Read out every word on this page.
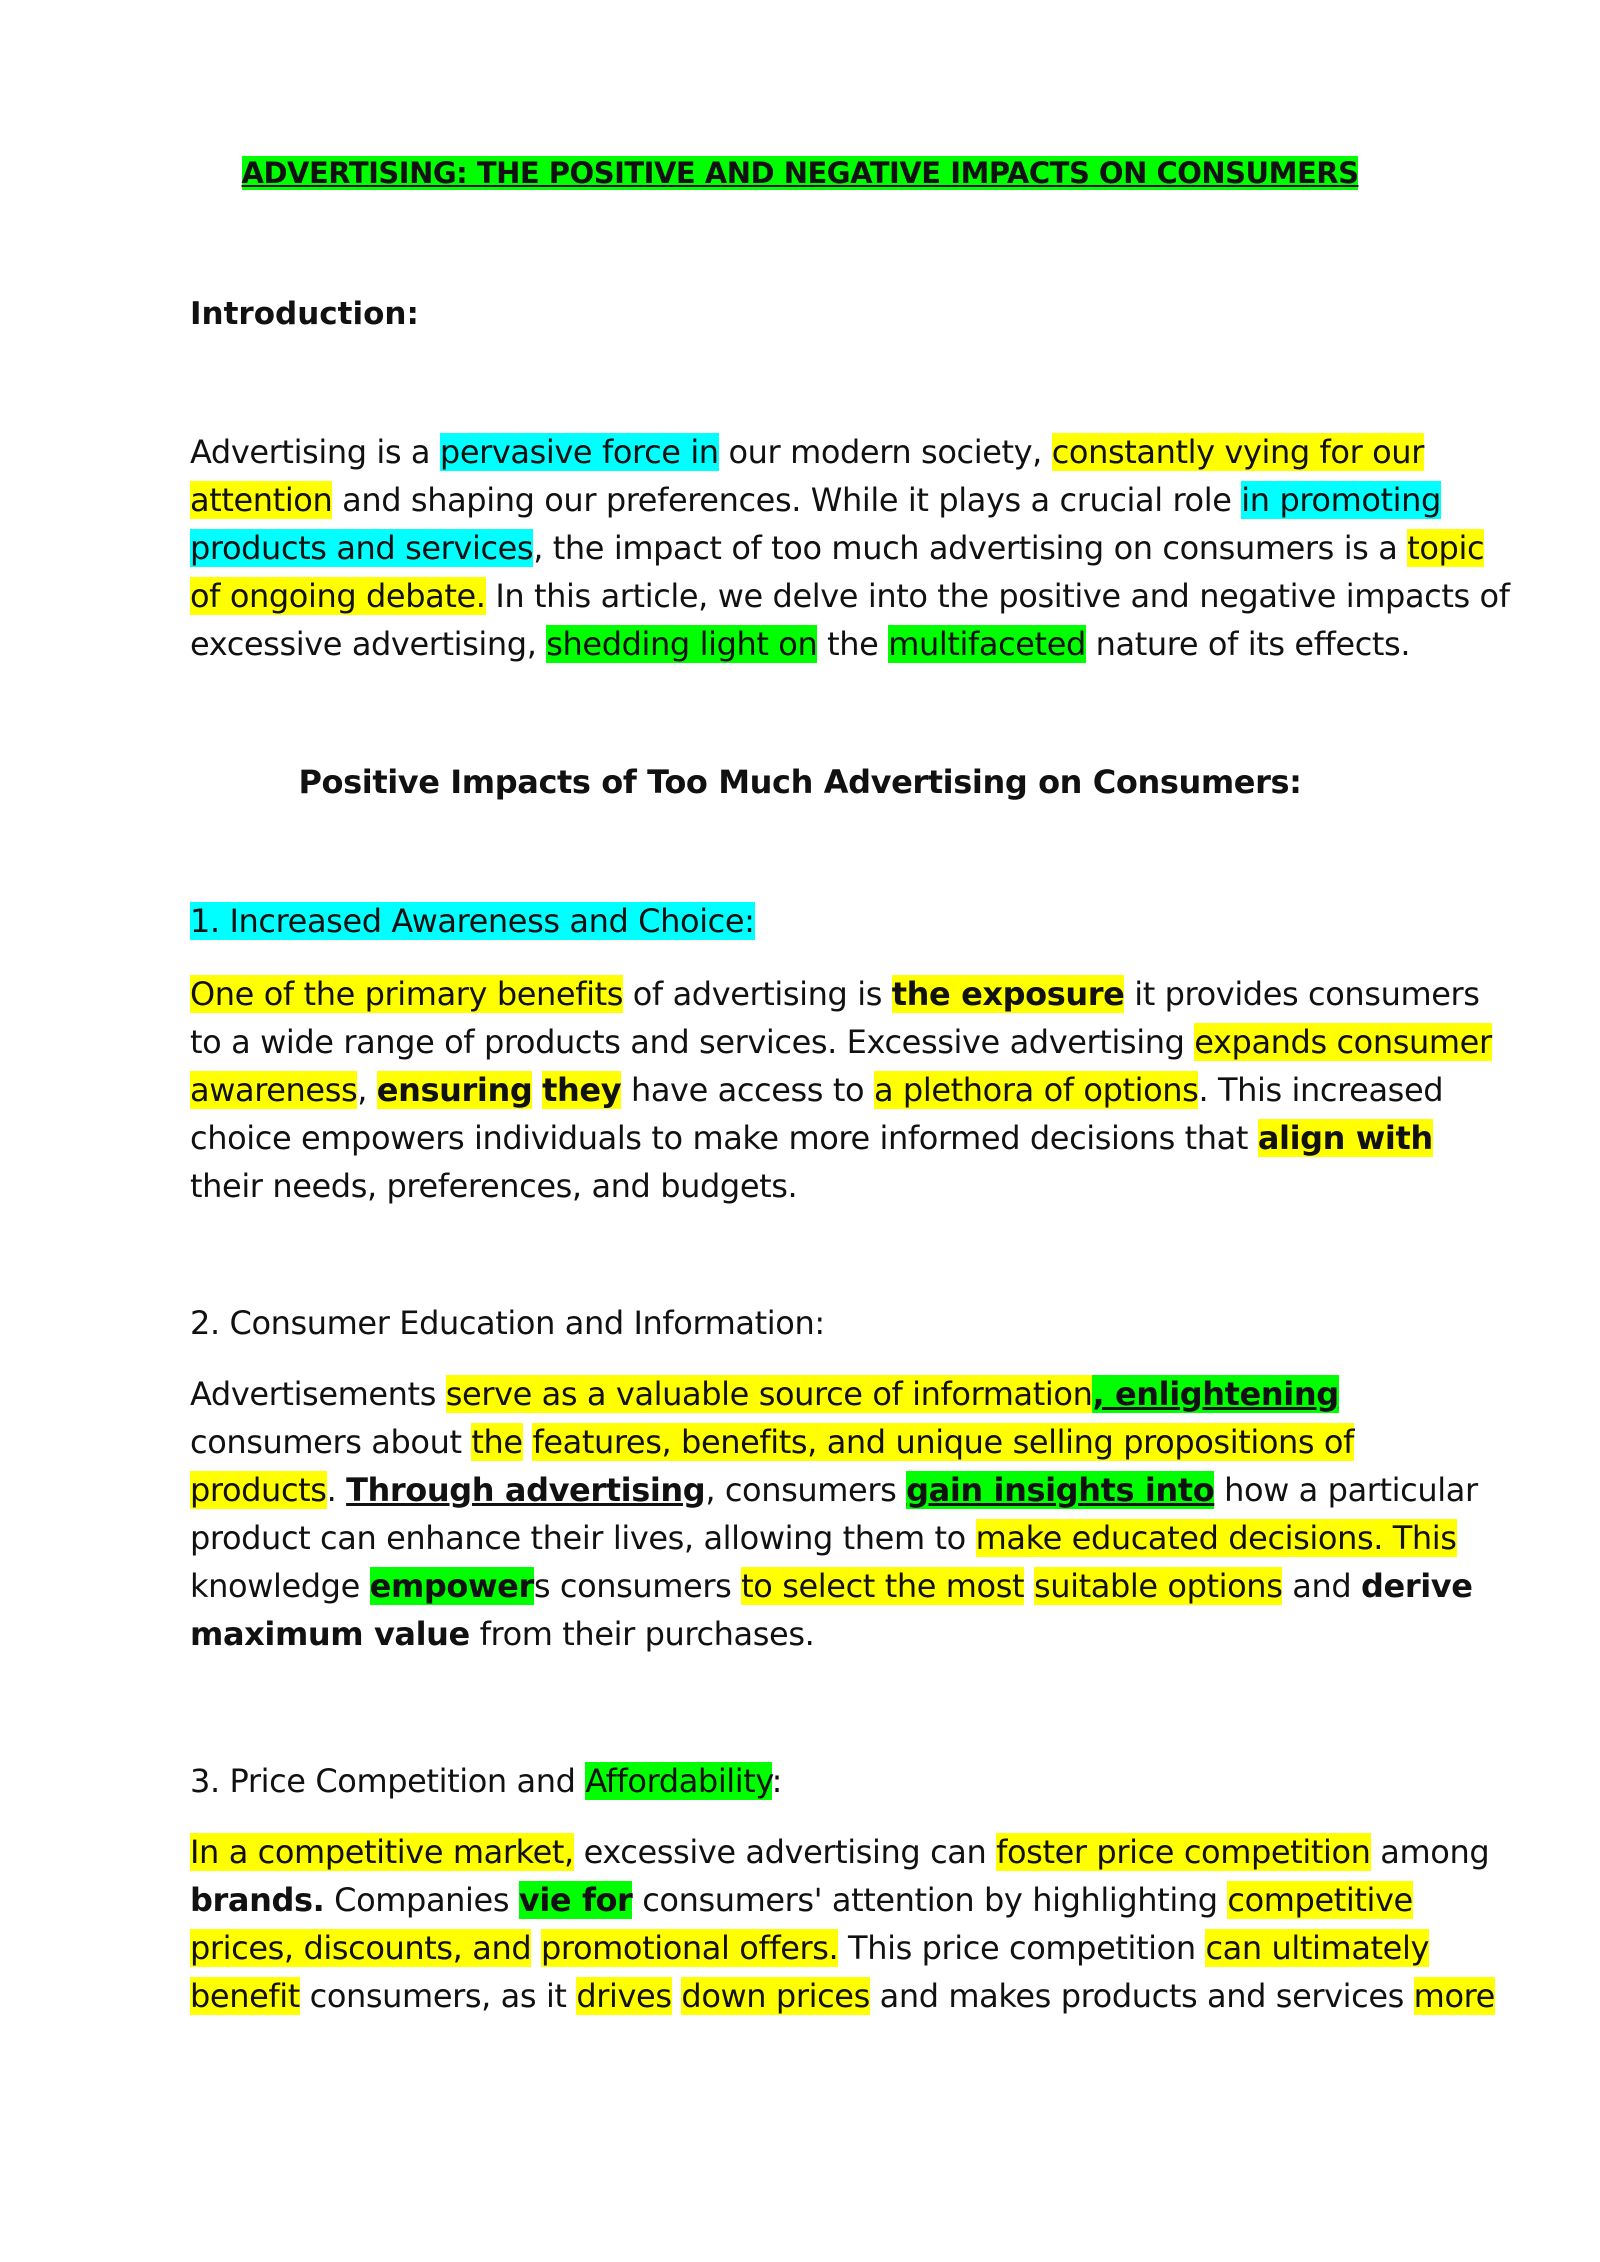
ADVERTISING: THE POSITIVE AND NEGATIVE IMPACTS ON CONSUMERS

Introduction:

Advertising is a pervasive force in our modern society, constantly vying for our attention and shaping our preferences. While it plays a crucial role in promoting products and services, the impact of too much advertising on consumers is a topic of ongoing debate. In this article, we delve into the positive and negative impacts of excessive advertising, shedding light on the multifaceted nature of its effects.

Positive Impacts of Too Much Advertising on Consumers:

1. Increased Awareness and Choice:

One of the primary benefits of advertising is the exposure it provides consumers to a wide range of products and services. Excessive advertising expands consumer awareness, ensuring they have access to a plethora of options. This increased choice empowers individuals to make more informed decisions that align with their needs, preferences, and budgets.

2. Consumer Education and Information:

Advertisements serve as a valuable source of information, enlightening consumers about the features, benefits, and unique selling propositions of products. Through advertising, consumers gain insights into how a particular product can enhance their lives, allowing them to make educated decisions. This knowledge empowers consumers to select the most suitable options and derive maximum value from their purchases.

3. Price Competition and Affordability:

In a competitive market, excessive advertising can foster price competition among brands. Companies vie for consumers' attention by highlighting competitive prices, discounts, and promotional offers. This price competition can ultimately benefit consumers, as it drives down prices and makes products and services more
